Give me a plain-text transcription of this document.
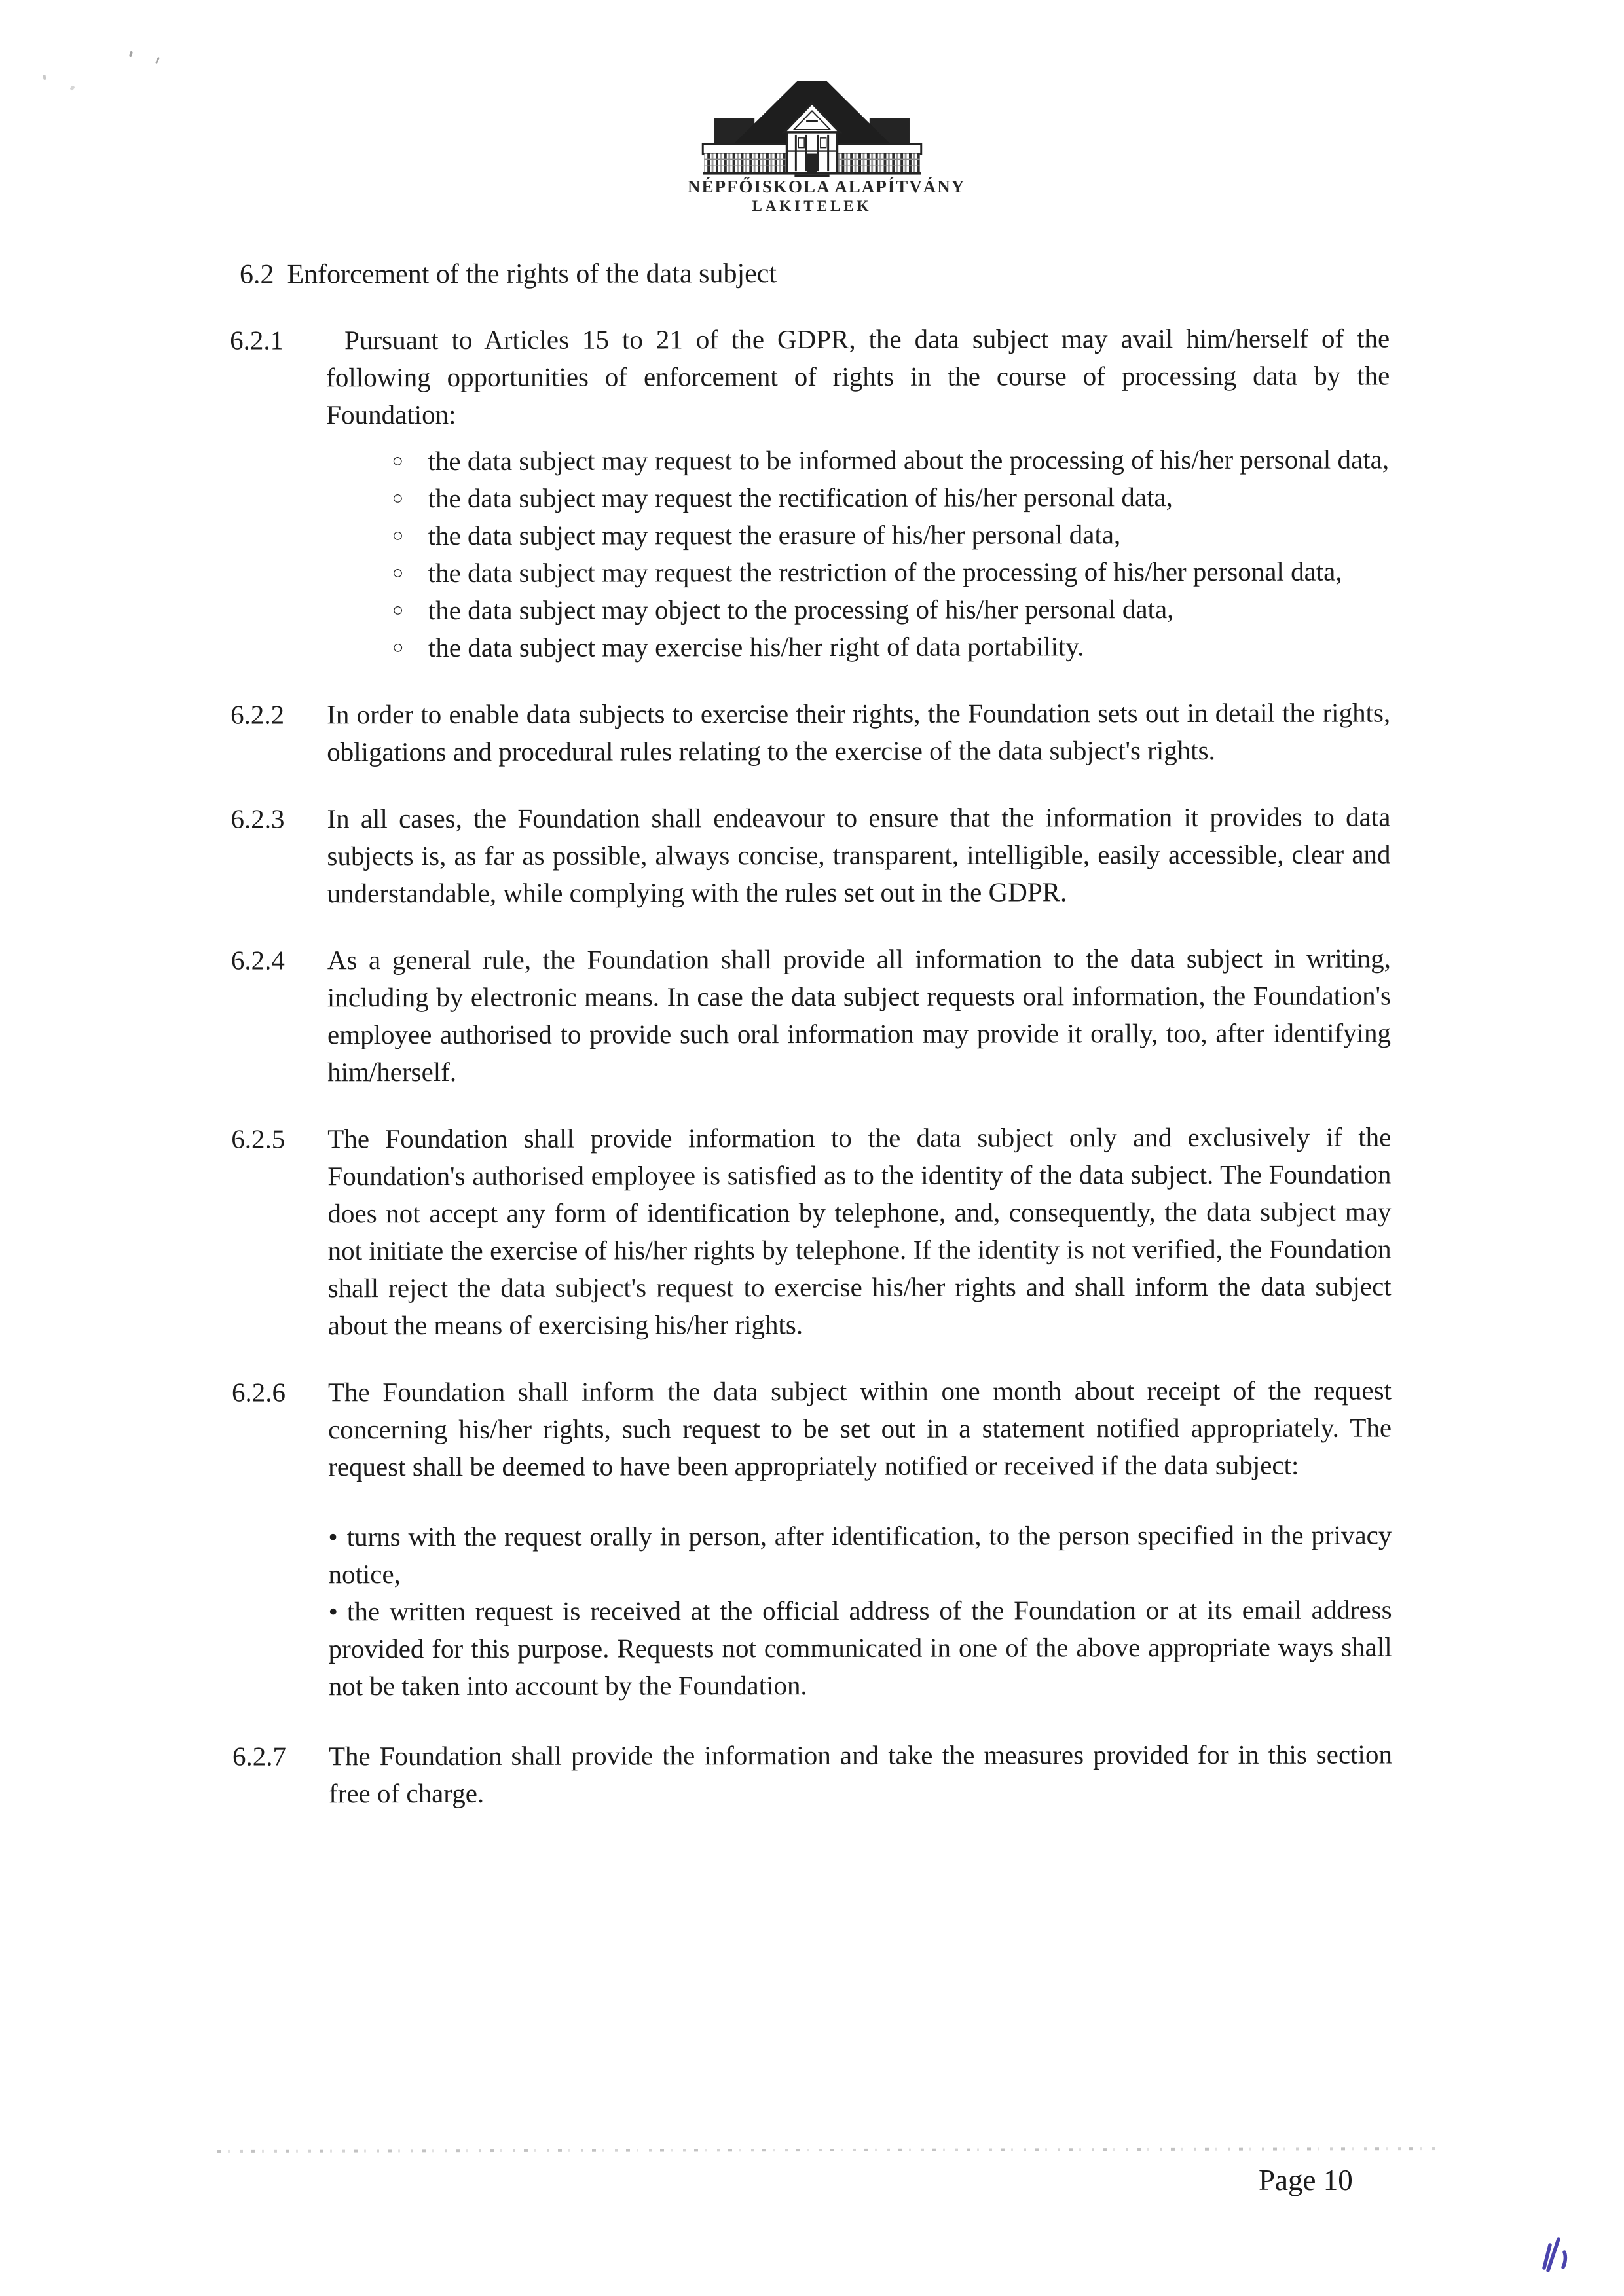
NÉPFŐISKOLA ALAPÍTVÁNY
LAKITELEK
6.2 Enforcement of the rights of the data subject
6.2.1	Pursuant to Articles 15 to 21 of the GDPR, the data subject may avail him/herself of the following opportunities of enforcement of rights in the course of processing data by the Foundation:
○ the data subject may request to be informed about the processing of his/her personal data,
○ the data subject may request the rectification of his/her personal data,
○ the data subject may request the erasure of his/her personal data,
○ the data subject may request the restriction of the processing of his/her personal data,
○ the data subject may object to the processing of his/her personal data,
○ the data subject may exercise his/her right of data portability.
6.2.2	In order to enable data subjects to exercise their rights, the Foundation sets out in detail the rights, obligations and procedural rules relating to the exercise of the data subject's rights.
6.2.3	In all cases, the Foundation shall endeavour to ensure that the information it provides to data subjects is, as far as possible, always concise, transparent, intelligible, easily accessible, clear and understandable, while complying with the rules set out in the GDPR.
6.2.4	As a general rule, the Foundation shall provide all information to the data subject in writing, including by electronic means. In case the data subject requests oral information, the Foundation's employee authorised to provide such oral information may provide it orally, too, after identifying him/herself.
6.2.5	The Foundation shall provide information to the data subject only and exclusively if the Foundation's authorised employee is satisfied as to the identity of the data subject. The Foundation does not accept any form of identification by telephone, and, consequently, the data subject may not initiate the exercise of his/her rights by telephone. If the identity is not verified, the Foundation shall reject the data subject's request to exercise his/her rights and shall inform the data subject about the means of exercising his/her rights.
6.2.6	The Foundation shall inform the data subject within one month about receipt of the request concerning his/her rights, such request to be set out in a statement notified appropriately. The request shall be deemed to have been appropriately notified or received if the data subject:

• turns with the request orally in person, after identification, to the person specified in the privacy notice,

• the written request is received at the official address of the Foundation or at its email address provided for this purpose. Requests not communicated in one of the above appropriate ways shall not be taken into account by the Foundation.

6.2.7	The Foundation shall provide the information and take the measures provided for in this section free of charge.
Page 10
